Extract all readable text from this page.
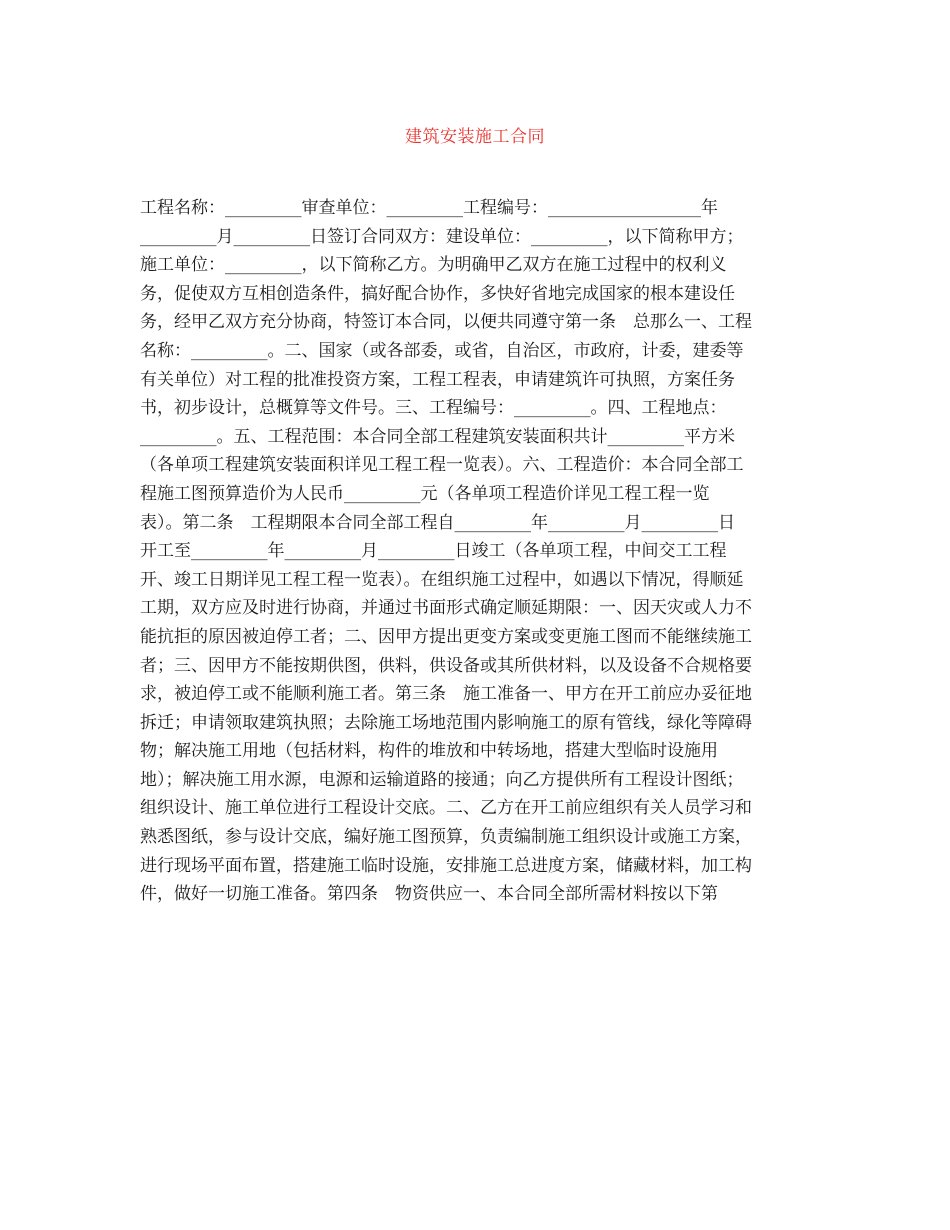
建筑安装施工合同
工程名称：_________审查单位：_________工程编号：__________________年
_________月_________日签订合同双方：建设单位：_________，以下简称甲方；
施工单位：_________，以下简称乙方。为明确甲乙双方在施工过程中的权利义
务，促使双方互相创造条件，搞好配合协作，多快好省地完成国家的根本建设任
务，经甲乙双方充分协商，特签订本合同，以便共同遵守第一条　总那么一、工程
名称：_________。二、国家（或各部委，或省，自治区，市政府，计委，建委等
有关单位）对工程的批准投资方案，工程工程表，申请建筑许可执照，方案任务
书，初步设计，总概算等文件号。三、工程编号：_________。四、工程地点：
_________。五、工程范围：本合同全部工程建筑安装面积共计_________平方米
（各单项工程建筑安装面积详见工程工程一览表）。六、工程造价：本合同全部工
程施工图预算造价为人民币_________元（各单项工程造价详见工程工程一览
表）。第二条　工程期限本合同全部工程自_________年_________月_________日
开工至_________年_________月_________日竣工（各单项工程，中间交工工程
开、竣工日期详见工程工程一览表）。在组织施工过程中，如遇以下情况，得顺延
工期，双方应及时进行协商，并通过书面形式确定顺延期限：一、因天灾或人力不
能抗拒的原因被迫停工者；二、因甲方提出更变方案或变更施工图而不能继续施工
者；三、因甲方不能按期供图，供料，供设备或其所供材料，以及设备不合规格要
求，被迫停工或不能顺利施工者。第三条　施工准备一、甲方在开工前应办妥征地
拆迁；申请领取建筑执照；去除施工场地范围内影响施工的原有管线，绿化等障碍
物；解决施工用地（包括材料，构件的堆放和中转场地，搭建大型临时设施用
地）；解决施工用水源，电源和运输道路的接通；向乙方提供所有工程设计图纸；
组织设计、施工单位进行工程设计交底。二、乙方在开工前应组织有关人员学习和
熟悉图纸，参与设计交底，编好施工图预算，负责编制施工组织设计或施工方案，
进行现场平面布置，搭建施工临时设施，安排施工总进度方案，储藏材料，加工构
件，做好一切施工准备。第四条　物资供应一、本合同全部所需材料按以下第
